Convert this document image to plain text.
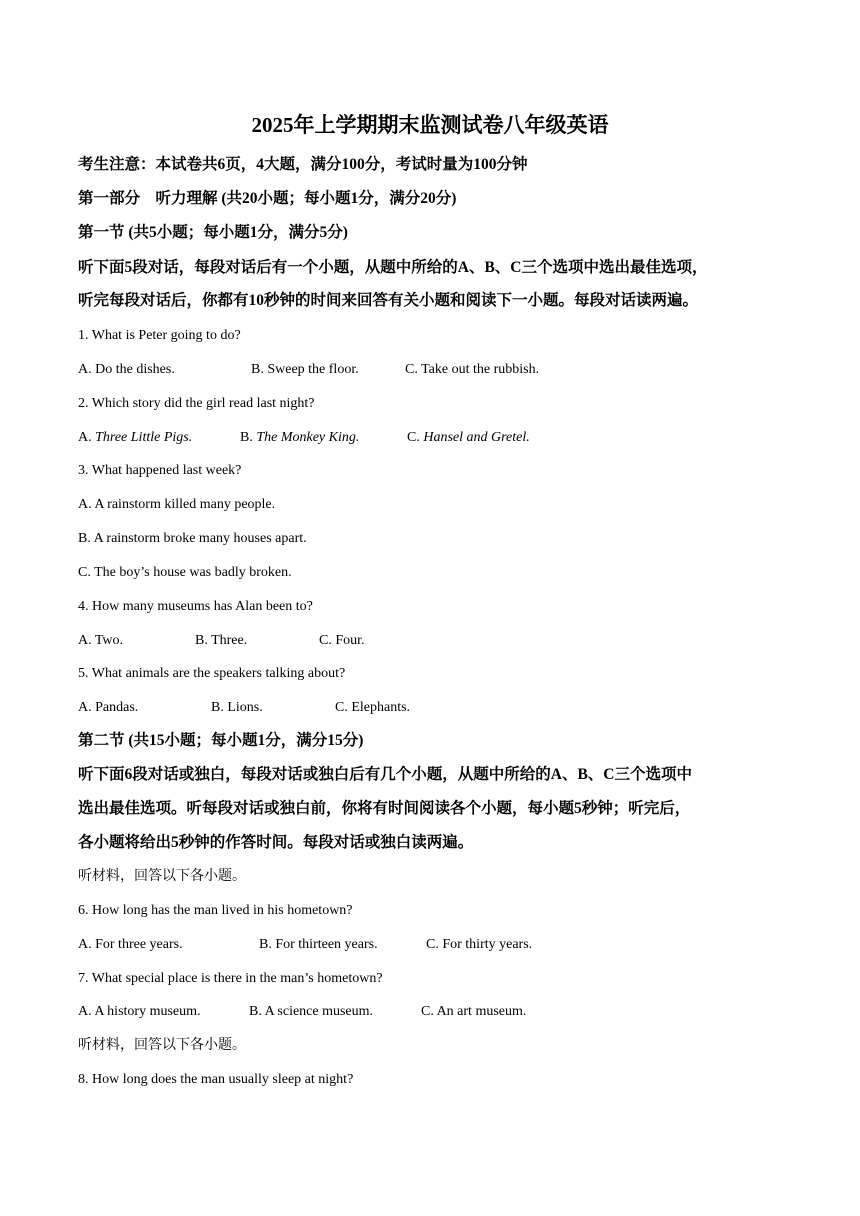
2025年上学期期末监测试卷八年级英语
考生注意：本试卷共6页，4大题，满分100分，考试时量为100分钟
第一部分　听力理解 (共20小题；每小题1分，满分20分)
第一节 (共5小题；每小题1分，满分5分)
听下面5段对话，每段对话后有一个小题，从题中所给的A、B、C三个选项中选出最佳选项，
听完每段对话后，你都有10秒钟的时间来回答有关小题和阅读下一小题。每段对话读两遍。
1. What is Peter going to do?
A. Do the dishes.	B. Sweep the floor.	C. Take out the rubbish.
2. Which story did the girl read last night?
A. Three Little Pigs.	B. The Monkey King.	C. Hansel and Gretel.
3. What happened last week?
A. A rainstorm killed many people.
B. A rainstorm broke many houses apart.
C. The boy’s house was badly broken.
4. How many museums has Alan been to?
A. Two.	B. Three.	C. Four.
5. What animals are the speakers talking about?
A. Pandas.	B. Lions.	C. Elephants.
第二节 (共15小题；每小题1分，满分15分)
听下面6段对话或独白，每段对话或独白后有几个小题，从题中所给的A、B、C三个选项中
选出最佳选项。听每段对话或独白前，你将有时间阅读各个小题，每小题5秒钟；听完后，
各小题将给出5秒钟的作答时间。每段对话或独白读两遍。
听材料，回答以下各小题。
6. How long has the man lived in his hometown?
A. For three years.	B. For thirteen years.	C. For thirty years.
7. What special place is there in the man’s hometown?
A. A history museum.	B. A science museum.	C. An art museum.
听材料，回答以下各小题。
8. How long does the man usually sleep at night?
